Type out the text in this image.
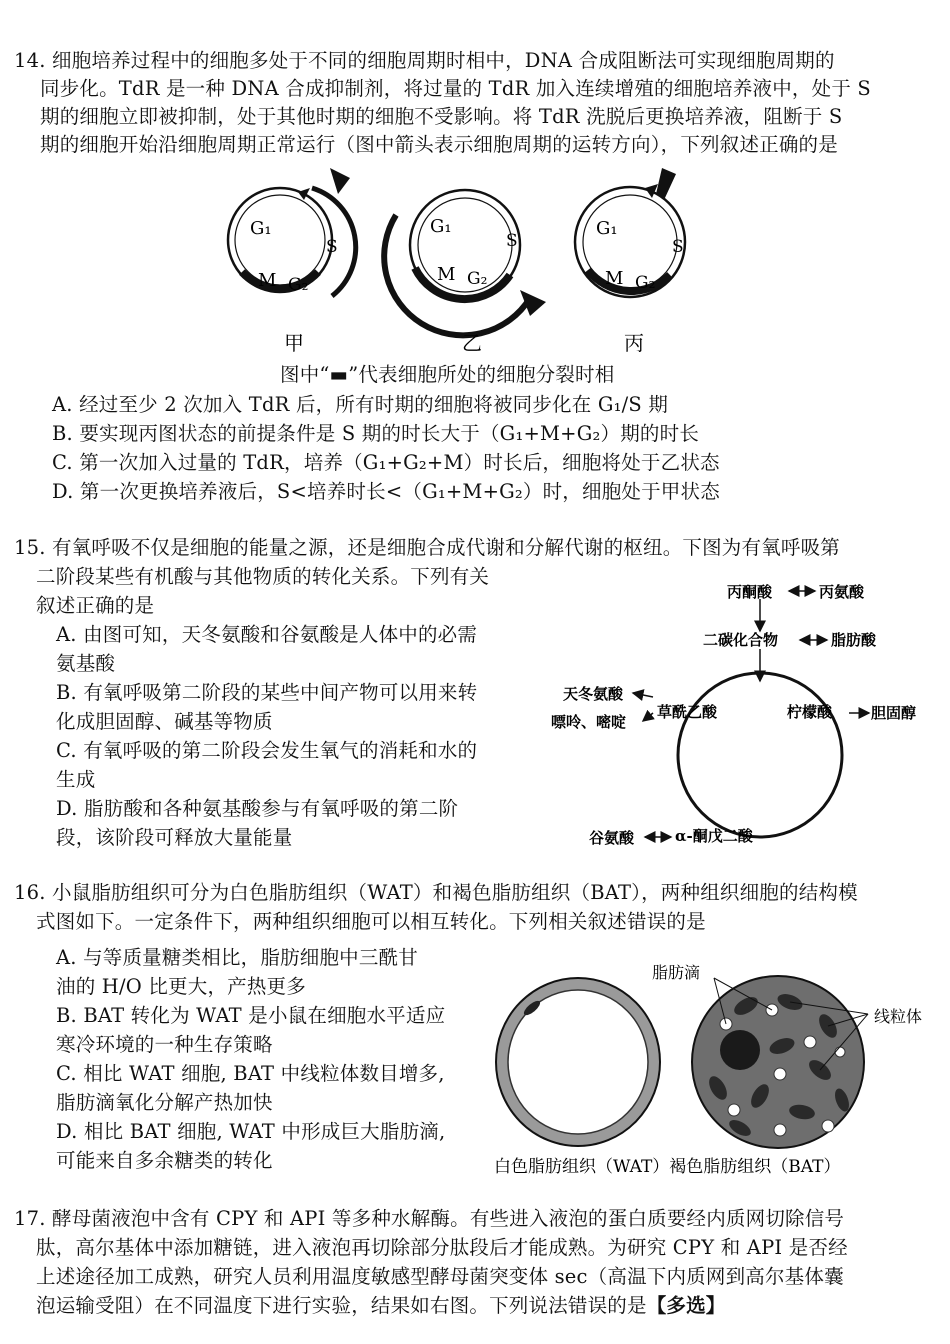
14. 细胞培养过程中的细胞多处于不同的细胞周期时相中，DNA 合成阻断法可实现细胞周期的
同步化。TdR 是一种 DNA 合成抑制剂，将过量的 TdR 加入连续增殖的细胞培养液中，处于 S
期的细胞立即被抑制，处于其他时期的细胞不受影响。将 TdR 洗脱后更换培养液，阻断于 S
期的细胞开始沿细胞周期正常运行（图中箭头表示细胞周期的运转方向），下列叙述正确的是
G₁
S
M G₂
G₁
S
M G₂
G₁
S
M G₂
甲	乙	丙
图中“▬”代表细胞所处的细胞分裂时相
A. 经过至少 2 次加入 TdR 后，所有时期的细胞将被同步化在 G₁/S 期
B. 要实现丙图状态的前提条件是 S 期的时长大于（G₁+M+G₂）期的时长
C. 第一次加入过量的 TdR，培养（G₁+G₂+M）时长后，细胞将处于乙状态
D. 第一次更换培养液后，S<培养时长<（G₁+M+G₂）时，细胞处于甲状态
15. 有氧呼吸不仅是细胞的能量之源，还是细胞合成代谢和分解代谢的枢纽。下图为有氧呼吸第
二阶段某些有机酸与其他物质的转化关系。下列有关
叙述正确的是
A. 由图可知，天冬氨酸和谷氨酸是人体中的必需
氨基酸
B. 有氧呼吸第二阶段的某些中间产物可以用来转
化成胆固醇、碱基等物质
C. 有氧呼吸的第二阶段会发生氧气的消耗和水的
生成
D. 脂肪酸和各种氨基酸参与有氧呼吸的第二阶
段，该阶段可释放大量能量
丙酮酸	丙氨酸
二碳化合物	脂肪酸
天冬氨酸
嘌呤、嘧啶
草酰乙酸	柠檬酸	胆固醇
谷氨酸	α-酮戊二酸
16. 小鼠脂肪组织可分为白色脂肪组织（WAT）和褐色脂肪组织（BAT），两种组织细胞的结构模
式图如下。一定条件下，两种组织细胞可以相互转化。下列相关叙述错误的是
A. 与等质量糖类相比，脂肪细胞中三酰甘
油的 H/O 比更大，产热更多
B. BAT 转化为 WAT 是小鼠在细胞水平适应
寒冷环境的一种生存策略
C. 相比 WAT 细胞, BAT 中线粒体数目增多,
脂肪滴氧化分解产热加快
D. 相比 BAT 细胞, WAT 中形成巨大脂肪滴,
可能来自多余糖类的转化
脂肪滴
线粒体
白色脂肪组织（WAT）褐色脂肪组织（BAT）
17. 酵母菌液泡中含有 CPY 和 API 等多种水解酶。有些进入液泡的蛋白质要经内质网切除信号
肽，高尔基体中添加糖链，进入液泡再切除部分肽段后才能成熟。为研究 CPY 和 API 是否经
上述途径加工成熟，研究人员利用温度敏感型酵母菌突变体 sec（高温下内质网到高尔基体囊
泡运输受阻）在不同温度下进行实验，结果如右图。下列说法错误的是【多选】
